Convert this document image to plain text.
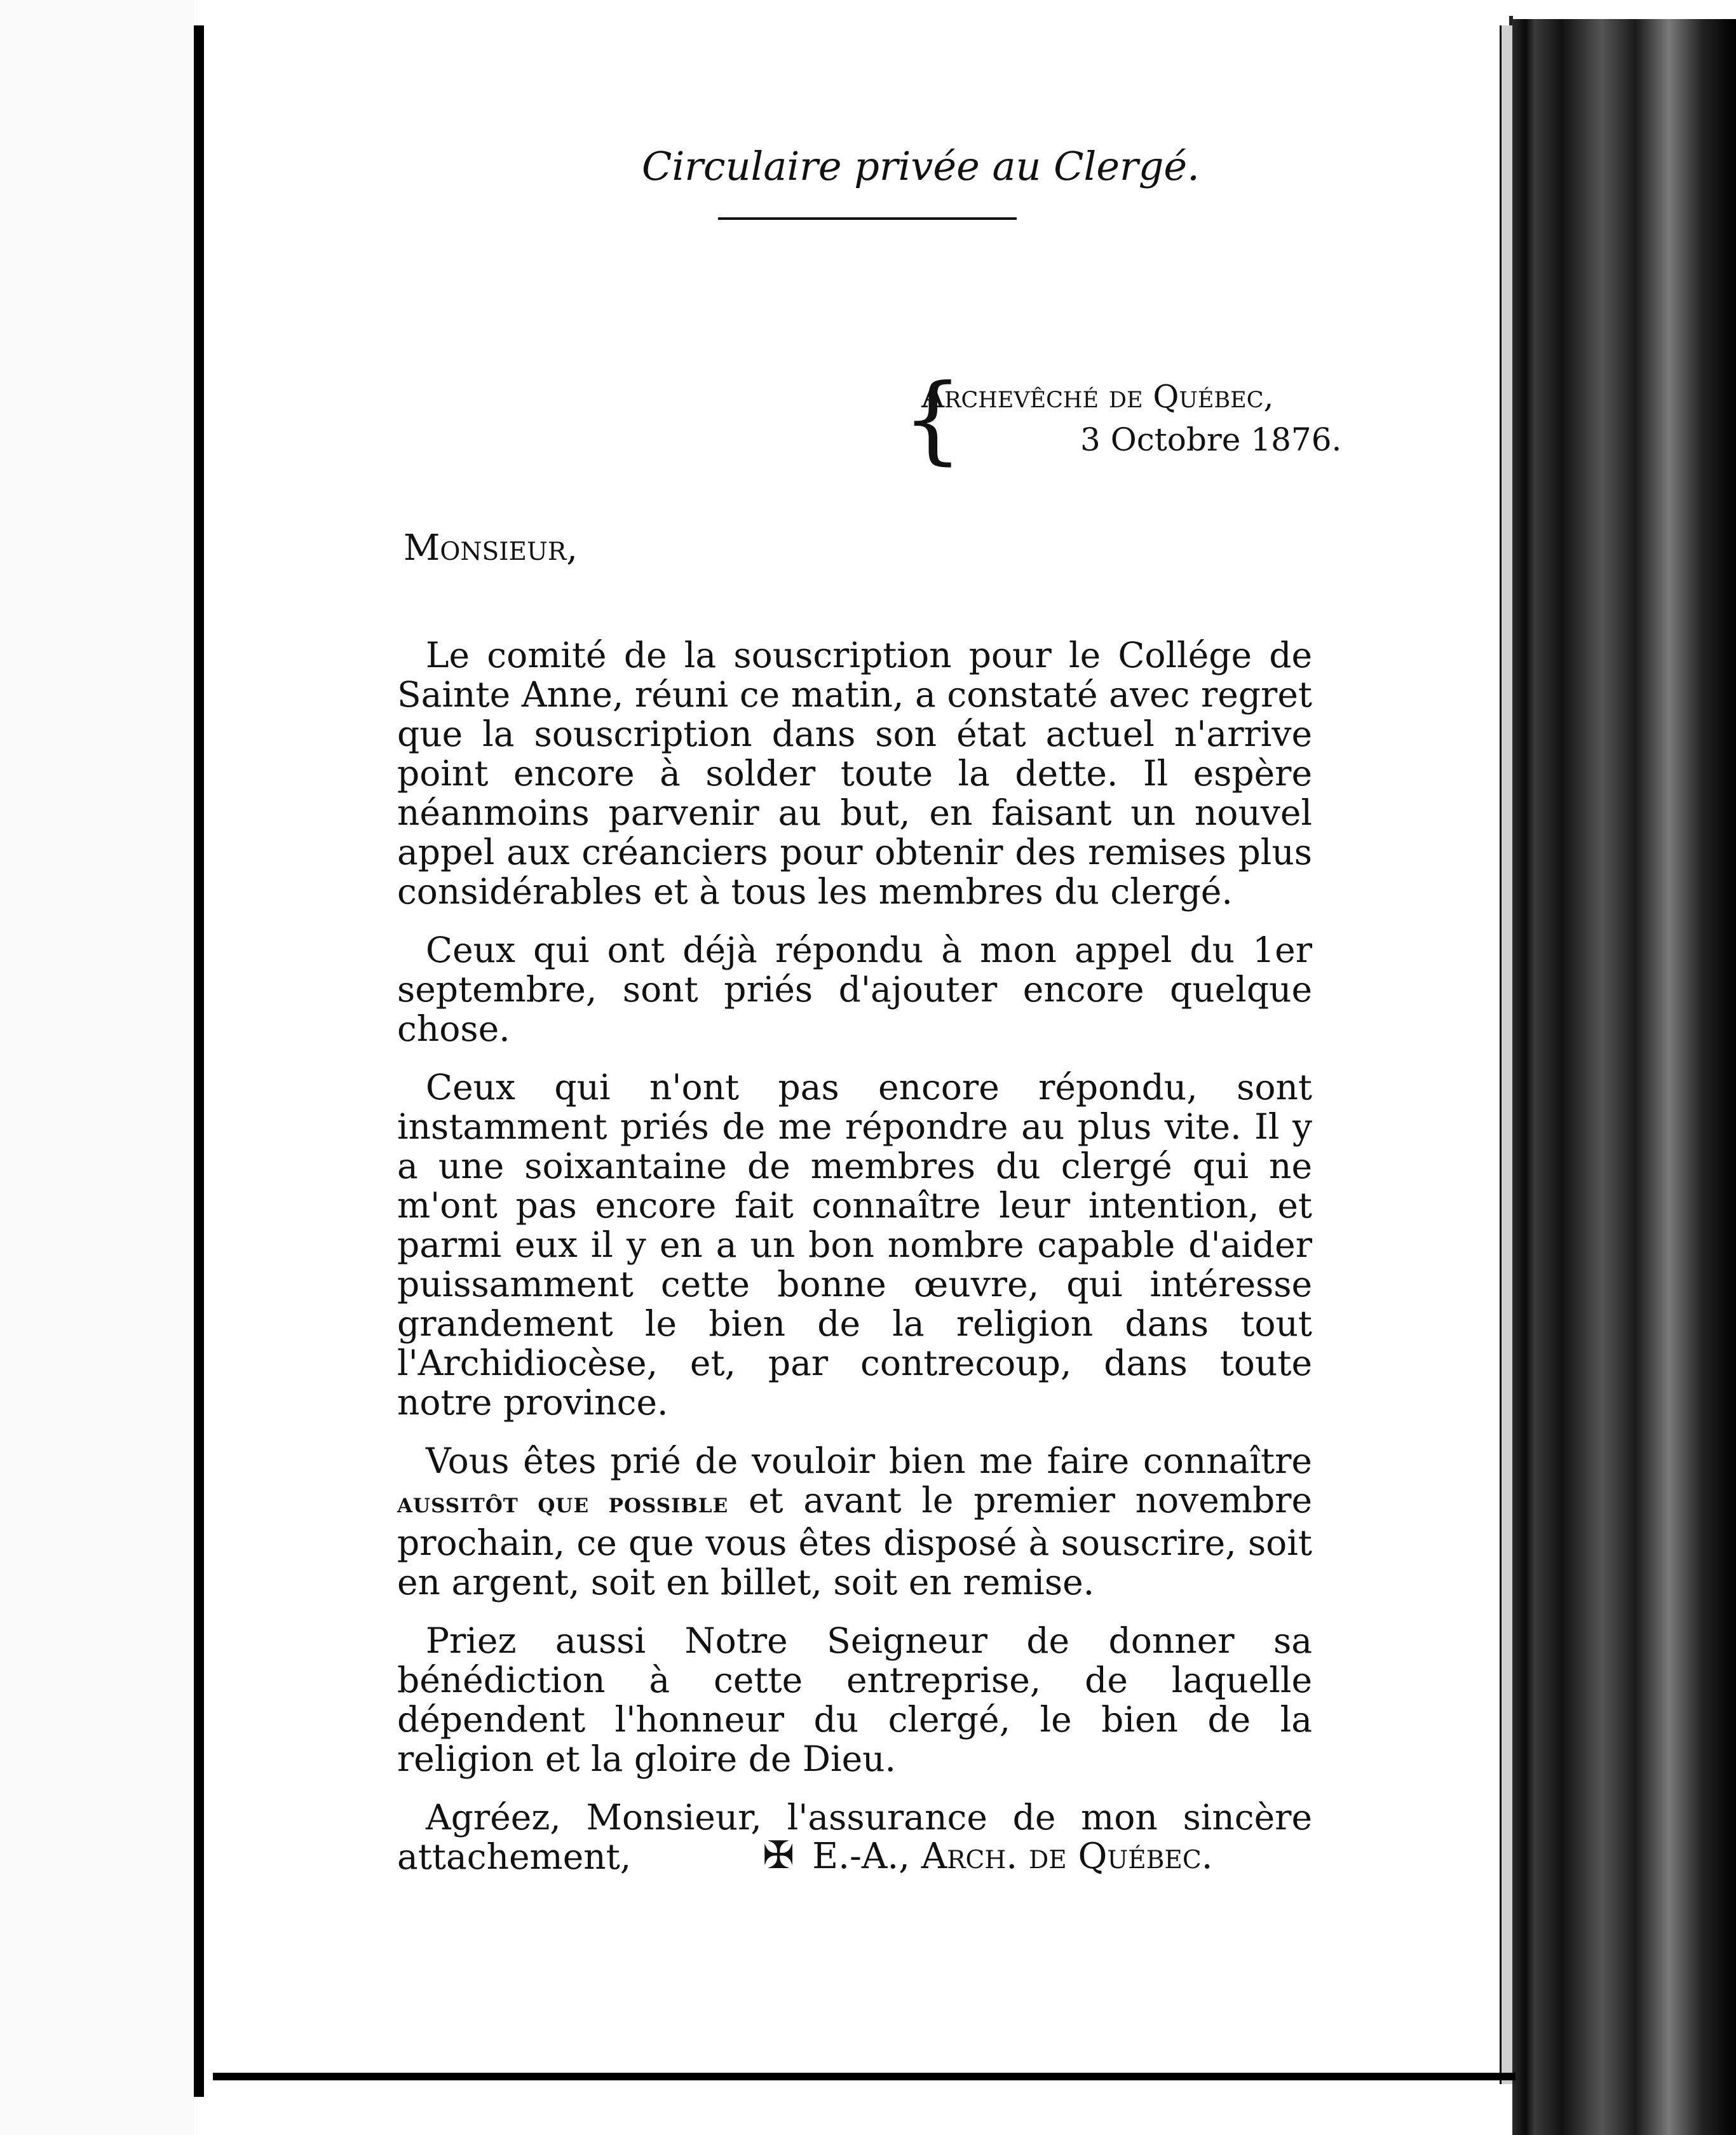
Circulaire privée au Clergé.
{
Archevêché de Québec,
3 Octobre 1876.
Monsieur,

Le comité de la souscription pour le Collége de Sainte Anne, réuni ce matin, a constaté avec regret que la souscription dans son état actuel n'arrive point encore à solder toute la dette. Il espère néanmoins parvenir au but, en faisant un nouvel appel aux créanciers pour obtenir des remises plus considérables et à tous les membres du clergé.

Ceux qui ont déjà répondu à mon appel du 1er septembre, sont priés d'ajouter encore quelque chose.

Ceux qui n'ont pas encore répondu, sont instamment priés de me répondre au plus vite. Il y a une soixantaine de membres du clergé qui ne m'ont pas encore fait connaître leur intention, et parmi eux il y en a un bon nombre capable d'aider puissamment cette bonne œuvre, qui intéresse grandement le bien de la religion dans tout l'Archidiocèse, et, par contrecoup, dans toute notre province.

Vous êtes prié de vouloir bien me faire connaître aussitôt que possible et avant le premier novembre prochain, ce que vous êtes disposé à souscrire, soit en argent, soit en billet, soit en remise.

Priez aussi Notre Seigneur de donner sa bénédiction à cette entreprise, de laquelle dépendent l'honneur du clergé, le bien de la religion et la gloire de Dieu.

Agréez, Monsieur, l'assurance de mon sincère attachement,	✠ E.-A., Arch. de Québec.
